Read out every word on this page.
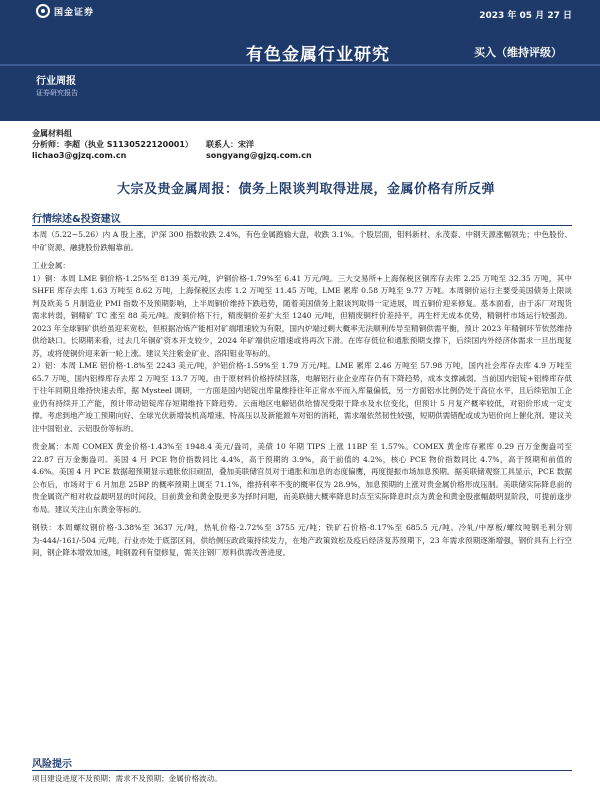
国金证券	2023 年 05 月 27 日
有色金属行业研究	买入（维持评级）
行业周报
证券研究报告
金属材料组
分析师：李超（执业 S1130522120001）	联系人：宋洋
lichao3@gjzq.com.cn	songyang@gjzq.com.cn
大宗及贵金属周报：债务上限谈判取得进展，金属价格有所反弹
行情综述&投资建议

本周（5.22~5.26）内 A 股上涨，沪深 300 指数收跌 2.4%，有色金属跑输大盘，收跌 3.1%。个股层面，钼料新材、永茂泰、中钢天源涨幅领先；中色股份、中矿资源、融捷股份跌幅靠前。

工业金属：

1）铜：本周 LME 铜价格-1.25%至 8139 美元/吨，沪铜价格-1.79%至 6.41 万元/吨。三大交易所+上海保税区铜库存去库 2.25 万吨至 32.35 万吨，其中 SHFE 库存去库 1.63 万吨至 8.62 万吨，上海保税区去库 1.2 万吨至 11.45 万吨，LME 累库 0.58 万吨至 9.77 万吨。本周铜价运行主要受美国债务上限谈判及欧美 5 月制造业 PMI 指数不及预期影响，上半周铜价维持下跌趋势，随着美国债务上限谈判取得一定进展，周五铜价迎来修复。基本面看，由于冻厂对现货需求转弱，铜精矿 TC 涨至 88 美元/吨。废铜价格下行，精废铜价差扩大至 1240 元/吨，但精废铜杆价差持平，再生杆无成本优势，精铜杆市场运行较强劲。2023 年全球铜矿供给虽迎来宽松，但根据冶炼产能相对矿端增速较为有限，国内炉端过剩大概率无法顺利传导至精铜供需平衡，预计 2023 年精铜环节依然维持供给缺口。长期期来看，过去几年铜矿资本开支较少，2024 年矿端供应增速或将再次下滑。在库存低位和通胀预期支撑下，后续国内外经济体需求一旦出现复苏，或将使铜价迎来新一轮上涨。建议关注紫金矿业、洛阳钼业等标的。

2）铝：本周 LME 铝价格-1.8%至 2243 美元/吨，沪铝价格-1.59%至 1.79 万元/吨。LME 累库 2.46 万吨至 57.98 万吨，国内社会库存去库 4.9 万吨至 65.7 万吨，国内铝棒库存去库 2 万吨至 13.7 万吨。由于原材料价格持续回落，电解铝行业企业库存仍有下降趋势，成本支撑减弱。当前国内铝锭+铝棒库存低于往年同期且维持快速去库，据 Mysteel 调研，一方面是国内铝锭出库量维持往年正常水平而入库量偏低，另一方面铝水比例仍处于高位水平，且后续铝加工企业仍有持续开工产能，预计带动铝锭库存短期维持下降趋势。云南地区电解铝供给情况受限于降水及水位变化，但预计 5 月复产概率较低，对铝价形成一定支撑。考虑到地产竣工预期向好、全球光伏新增装机高增速、特高压以及新能源车对铝的消耗，需求端依然韧性较强，短期供需错配或成为铝价向上催化剂。建议关注中国铝业、云铝股份等标的。

贵金属：本周 COMEX 黄金价格-1.43%至 1948.4 美元/盎司，美债 10 年期 TIPS 上涨 11BP 至 1.57%。COMEX 黄金库存累库 0.29 百万金衡盎司至 22.87 百万金衡盎司。美国 4 月 PCE 物价指数同比 4.4%，高于预期的 3.9%，高于前值的 4.2%，核心 PCE 物价指数同比 4.7%，高于预期和前值的 4.6%。美国 4 月 PCE 数据超预期显示通胀依旧顽固，叠加美联储官员对于通胀和加息的态度偏鹰，再度提振市场加息预期。据美联储观察工具显示，PCE 数据公布后，市场对于 6 月加息 25BP 的概率预期上调至 71.1%，维持利率不变的概率仅为 28.9%，加息预期的上涨对贵金属价格形成压制。美联储实际降息前的贵金属资产相对收益最明显的时间段，目前黄金和黄金股更多为择时问题，而美联储大概率降息时点至实际降息时点为黄金和黄金股涨幅最明显阶段，可提前逢步布局。建议关注山东黄金等标的。

钢铁：本周螺纹钢价格-3.38%至 3637 元/吨，热轧价格-2.72%至 3755 元/吨；铁矿石价格-8.17%至 685.5 元/吨。冷轧/中厚板/螺纹吨钢毛利分别为-444/-161/-504 元/吨。行业亦处于底部区间，供给侧压政政策持续发力，在地产政策致松及疫后经济复苏预期下，23 年需求预期逐渐增强，钢价具有上行空间，钢企降本增效加速，吨钢盈利有望修复，需关注钢厂原料供需改善进度。

风险提示

项目建设进度不及预期；需求不及预期；金属价格波动。
